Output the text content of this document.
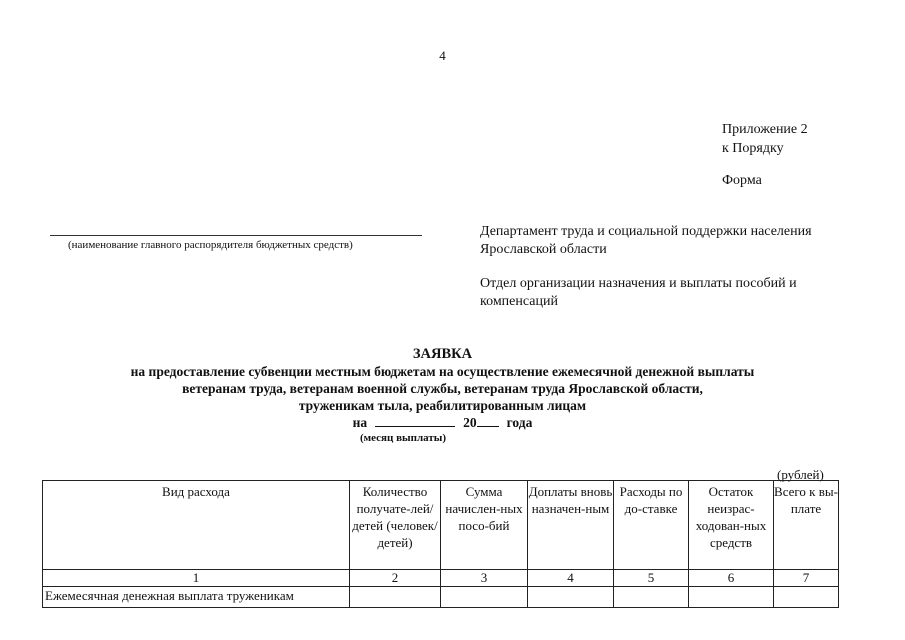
4
Приложение 2
к Порядку
Форма
(наименование главного распорядителя бюджетных средств)
Департамент труда и социальной поддержки населения Ярославской области
Отдел организации назначения и выплаты пособий и компенсаций
ЗАЯВКА
на предоставление субвенции местным бюджетам на осуществление ежемесячной денежной выплаты
ветеранам труда, ветеранам военной службы, ветеранам труда Ярославской области,
труженикам тыла, реабилитированным лицам
на	20 года
(месяц выплаты)
(рублей)
Вид расхода	Количество получате-лей/детей (человек/ детей)	Сумма начислен-ных посо-бий	Доплаты вновь назначен-ным	Расходы по до-ставке	Остаток неизрас-ходован-ных средств	Всего к вы-плате
1	2	3	4	5	6	7
Ежемесячная денежная выплата труженикам						
